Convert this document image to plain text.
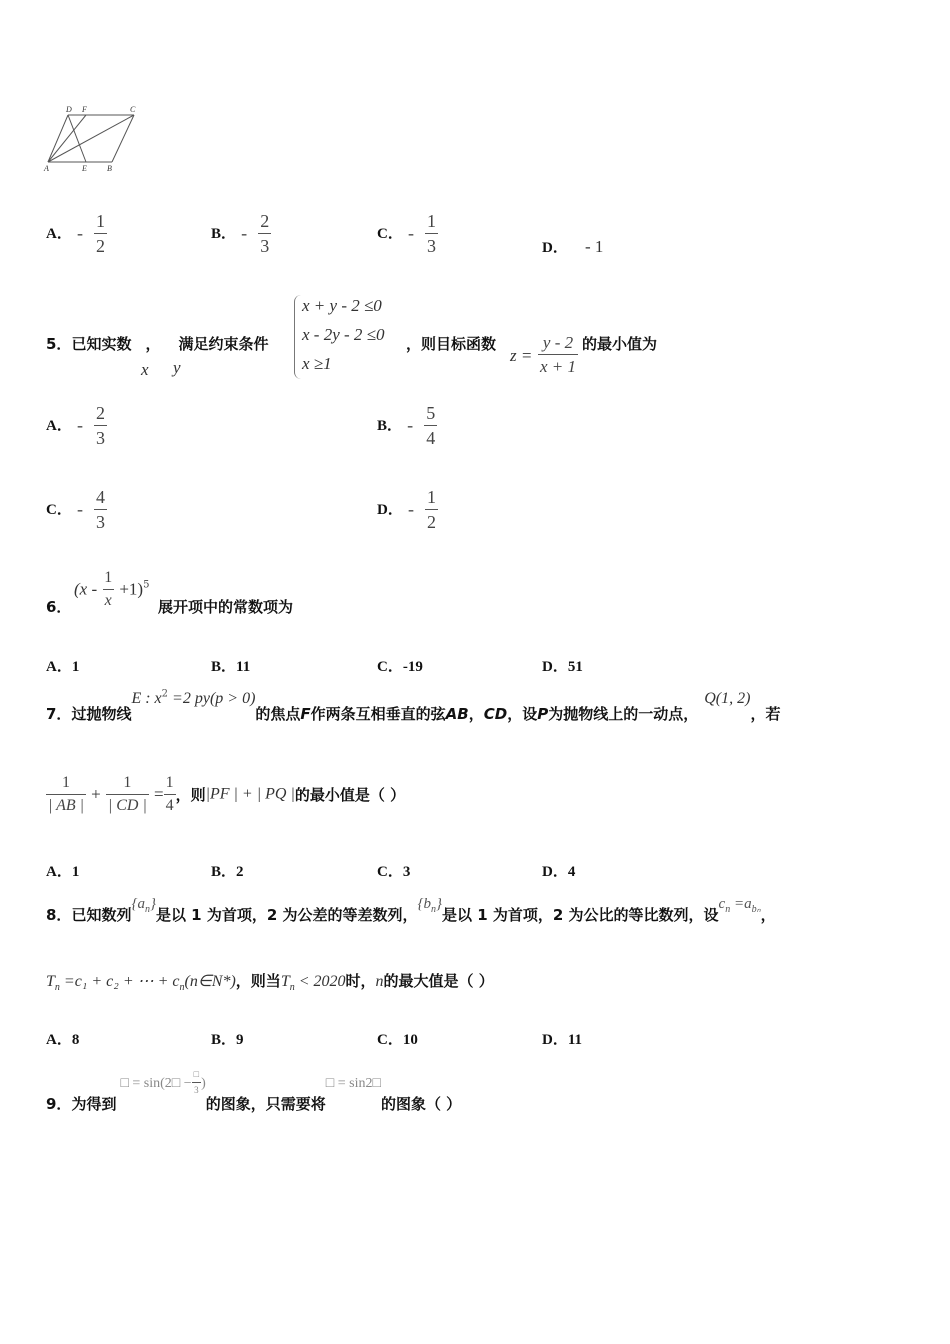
D F	C
A	E	B
A． - $\frac{1}{2}$	B． - $\frac{2}{3}$	C． - $\frac{1}{3}$	D． - 1
5．已知实数 ， 满足约束条件
x y
x + y - 2 ≤0
x - 2y - 2 ≤0
x ≥1
，则目标函数
$z = \frac{y - 2}{x + 1}$ 的最小值为
A． - $\frac{2}{3}$	B． - $\frac{5}{4}$
C． - $\frac{4}{3}$	D． - $\frac{1}{2}$
6．
$(x - \frac{1}{x} +1)^5$
展开项中的常数项为
A．1	B．11	C．-19	D．51
7．过抛物线E : $x^2 =2$ py(p > 0)的焦点F作两条互相垂直的弦AB，CD，设P为抛物线上的一动点，Q(1, 2)，若
$\frac{1}{| AB |} + \frac{1}{| CD |} = \frac{1}{4}$ ，则|PF | + | PQ |的最小值是（ ）
A．1	B．2	C．3	D．4
8．已知数列$\{a_n\}$是以 1 为首项，2 为公差的等差数列，$\{b_n\}$是以 1 为首项，2 为公比的等比数列，设$c_n =a_{b_n}$，
$T_n =c_1 + c_2$ + ⋯ + $c_n(n\in N*)$，则当$T_n < 2020$时，n的最大值是（ ）
A．8	B．9	C．10	D．11
9．为得到□ = sin(2□ − $\frac{□}{3}$ )的图象，只需要将□ = sin2□的图象（ ）
